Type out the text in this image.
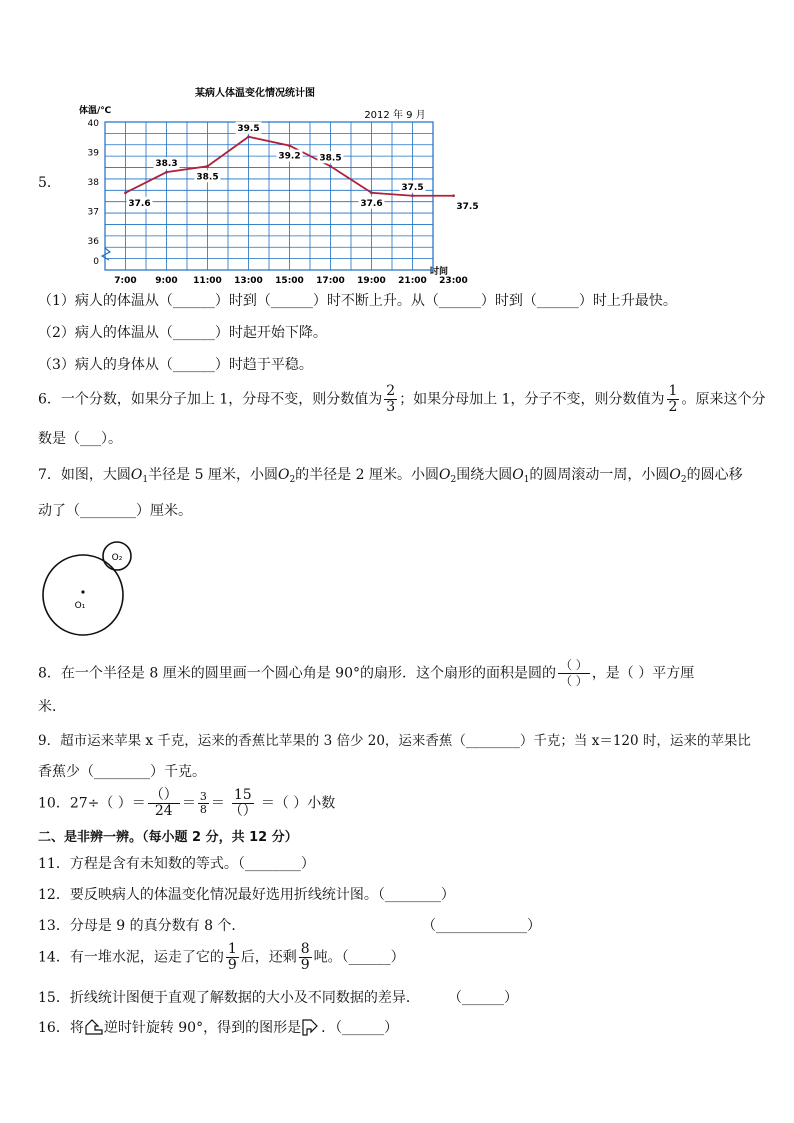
5．
某病人体温变化情况统计图
2012 年 9 月
体温/℃
时间
40
39
38
37
36
0
7:00 9:00 11:00 13:00 15:00 17:00 19:00 21:00 23:00
37.6
38.3
38.5
39.5
39.2 38.5
37.6
37.5
37.5
（1）病人的体温从（______）时到（______）时不断上升。从（______）时到（______）时上升最快。
（2）病人的体温从（______）时起开始下降。
（3）病人的身体从（______）时趋于平稳。
6．一个分数，如果分子加上 1，分母不变，则分数值为 $\frac{2}{3}$ ；如果分母加上 1，分子不变，则分数值为 $\frac{1}{2}$ 。原来这个分
数是（___）。
7．如图，大圆$O_1$半径是 5 厘米，小圆$O_2$的半径是 2 厘米。小圆$O_2$围绕大圆$O_1$的圆周滚动一周，小圆$O_2$的圆心移
动了（________）厘米。
O₁
O₂
8．在一个半径是 8 厘米的圆里画一个圆心角是 90°的扇形．这个扇形的面积是圆的 $\frac{( )}{( )}$ ，是（ ）平方厘
米．
9．超市运来苹果 x 千克，运来的香蕉比苹果的 3 倍少 20，运来香蕉（________）千克；当 x＝120 时，运来的苹果比
香蕉少（________）千克。
10．27÷（ ）＝ $\frac{()}{24} = \frac{3}{8} = \frac{15}{()}$ ＝（ ）小数
二、是非辨一辨。（每小题 2 分，共 12 分）
11．方程是含有未知数的等式。（________）
12．要反映病人的体温变化情况最好选用折线统计图。（________）
13．分母是 9 的真分数有 8 个．	（_____________）
14．有一堆水泥，运走了它的 $\frac{1}{9}$ 后，还剩 $\frac{8}{9}$ 吨。（______）
15．折线统计图便于直观了解数据的大小及不同数据的差异． （______）
16．将 逆时针旋转 90°，得到的图形是 ．（______）
